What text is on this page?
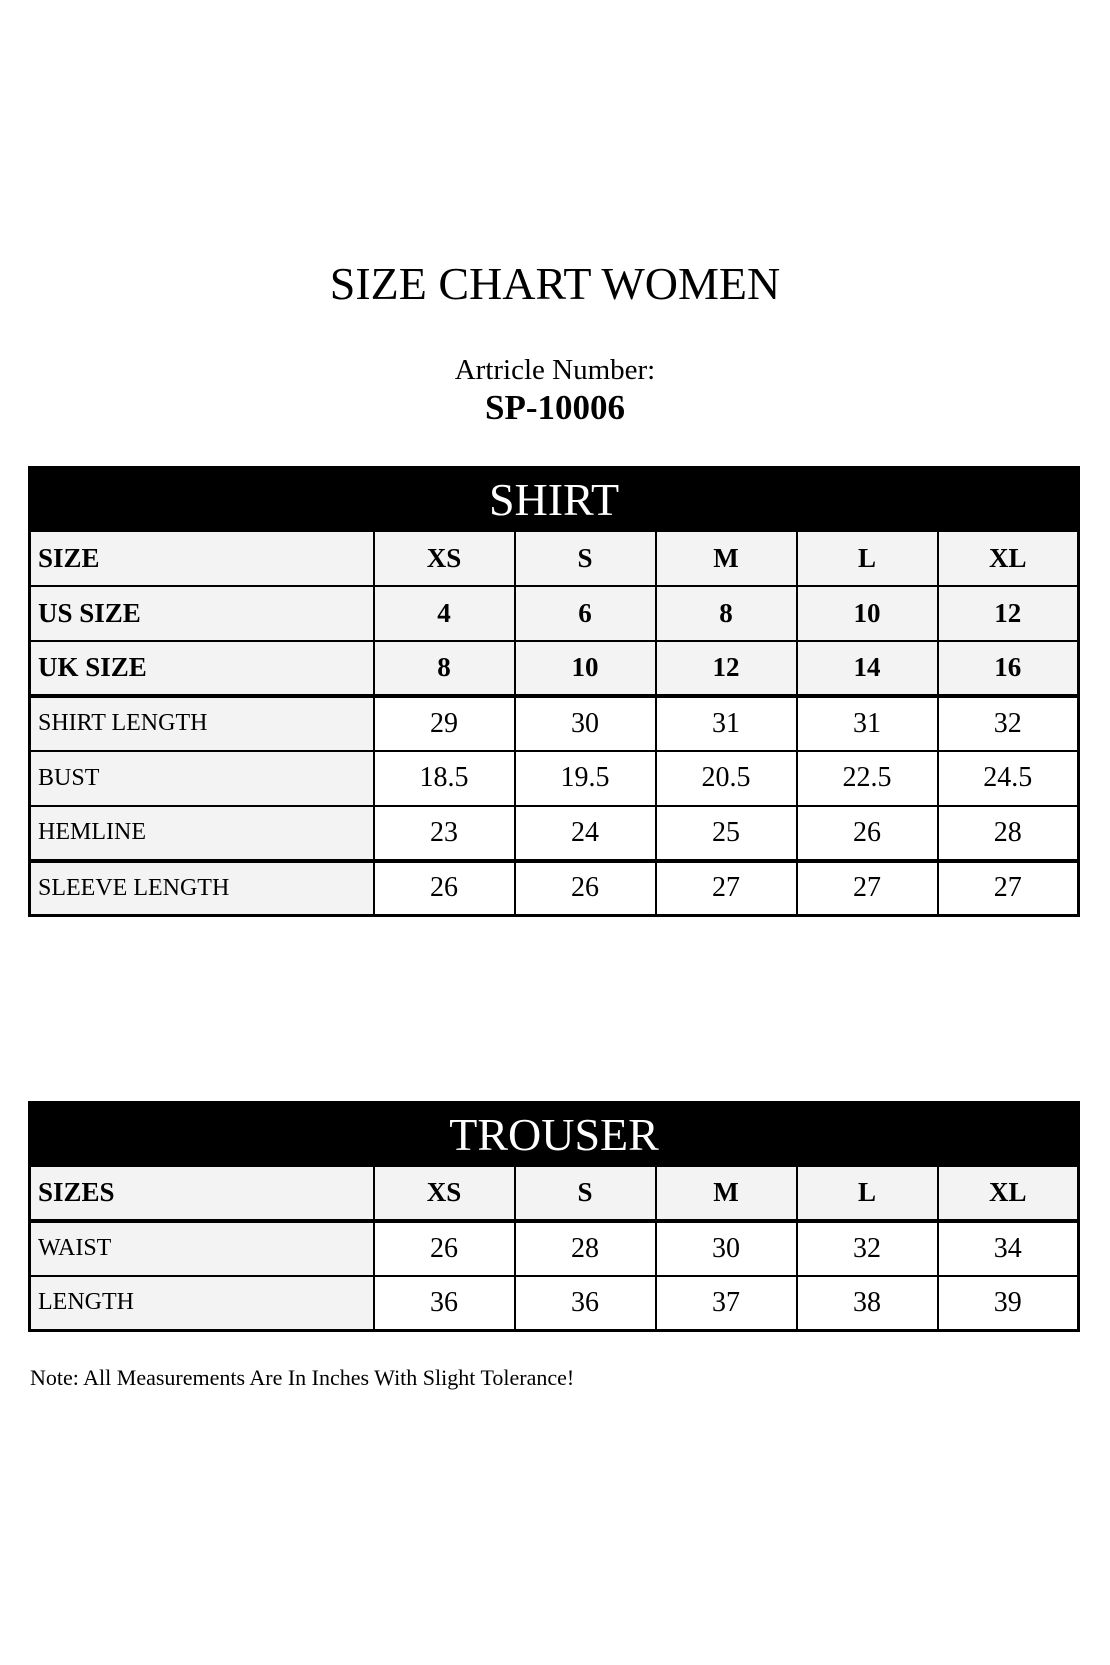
SIZE CHART WOMEN
Artricle Number:
SP-10006
SHIRT					
SIZE	XS	S	M	L	XL
US SIZE	4	6	8	10	12
UK SIZE	8	10	12	14	16
SHIRT LENGTH	29	30	31	31	32
BUST	18.5	19.5	20.5	22.5	24.5
HEMLINE	23	24	25	26	28
SLEEVE LENGTH	26	26	27	27	27
TROUSER					
SIZES	XS	S	M	L	XL
WAIST	26	28	30	32	34
LENGTH	36	36	37	38	39
Note: All Measurements Are In Inches With Slight Tolerance!
